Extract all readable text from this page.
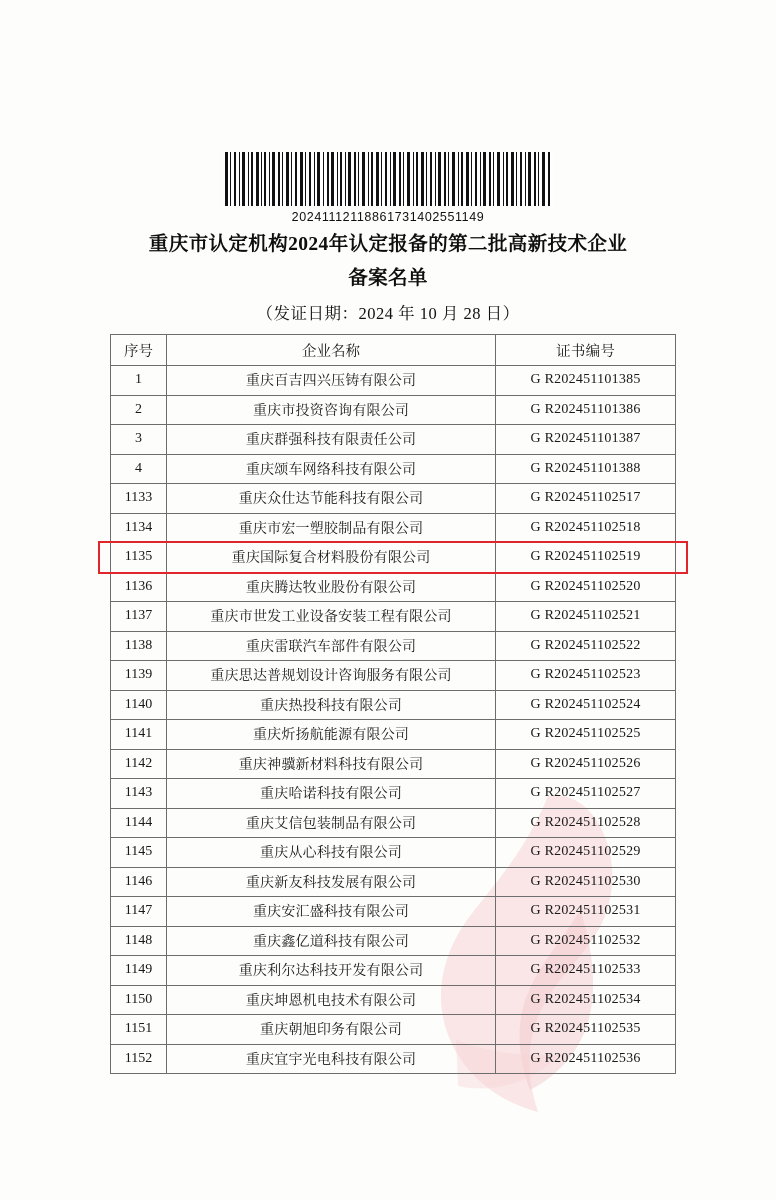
20241112118861731402551149
重庆市认定机构2024年认定报备的第二批高新技术企业
备案名单
（发证日期：2024 年 10 月 28 日）
序号	企业名称	证书编号
1	重庆百吉四兴压铸有限公司	G R202451101385
2	重庆市投资咨询有限公司	G R202451101386
3	重庆群强科技有限责任公司	G R202451101387
4	重庆颂车网络科技有限公司	G R202451101388
1133	重庆众仕达节能科技有限公司	G R202451102517
1134	重庆市宏一塑胶制品有限公司	G R202451102518
1135	重庆国际复合材料股份有限公司	G R202451102519
1136	重庆腾达牧业股份有限公司	G R202451102520
1137	重庆市世发工业设备安装工程有限公司	G R202451102521
1138	重庆雷联汽车部件有限公司	G R202451102522
1139	重庆思达普规划设计咨询服务有限公司	G R202451102523
1140	重庆热投科技有限公司	G R202451102524
1141	重庆炘扬航能源有限公司	G R202451102525
1142	重庆神骥新材料科技有限公司	G R202451102526
1143	重庆哈诺科技有限公司	G R202451102527
1144	重庆艾信包装制品有限公司	G R202451102528
1145	重庆从心科技有限公司	G R202451102529
1146	重庆新友科技发展有限公司	G R202451102530
1147	重庆安汇盛科技有限公司	G R202451102531
1148	重庆鑫亿道科技有限公司	G R202451102532
1149	重庆利尔达科技开发有限公司	G R202451102533
1150	重庆坤恩机电技术有限公司	G R202451102534
1151	重庆朝旭印务有限公司	G R202451102535
1152	重庆宜宇光电科技有限公司	G R202451102536
